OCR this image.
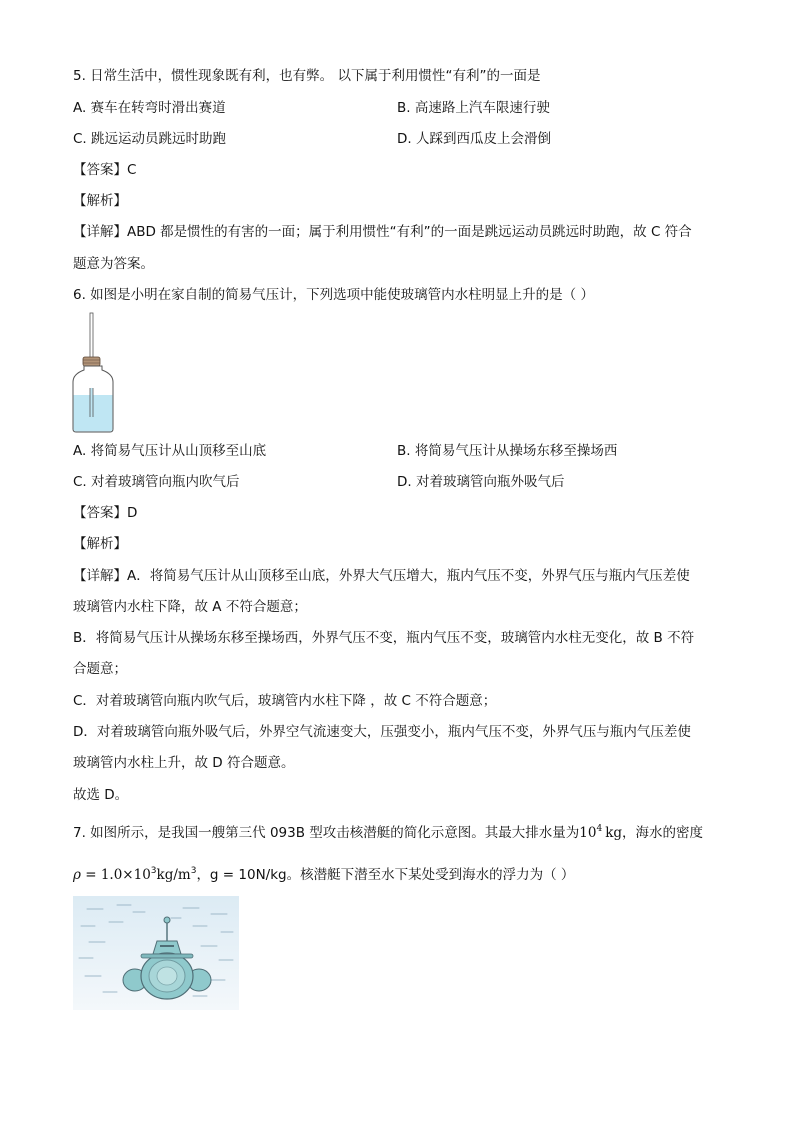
5. 日常生活中，惯性现象既有利，也有弊。 以下属于利用惯性“有利”的一面是
A. 赛车在转弯时滑出赛道	B. 高速路上汽车限速行驶
C. 跳远运动员跳远时助跑	D. 人踩到西瓜皮上会滑倒
【答案】C
【解析】
【详解】ABD 都是惯性的有害的一面；属于利用惯性“有利”的一面是跳远运动员跳远时助跑，故 C 符合
题意为答案。
6. 如图是小明在家自制的简易气压计，下列选项中能使玻璃管内水柱明显上升的是（ ）
A. 将简易气压计从山顶移至山底	B. 将简易气压计从操场东移至操场西
C. 对着玻璃管向瓶内吹气后	D. 对着玻璃管向瓶外吸气后
【答案】D
【解析】
【详解】A．将简易气压计从山顶移至山底，外界大气压增大，瓶内气压不变，外界气压与瓶内气压差使
玻璃管内水柱下降，故 A 不符合题意；
B．将简易气压计从操场东移至操场西，外界气压不变，瓶内气压不变，玻璃管内水柱无变化，故 B 不符
合题意；
C．对着玻璃管向瓶内吹气后，玻璃管内水柱下降 ，故 C 不符合题意；
D．对着玻璃管向瓶外吸气后，外界空气流速变大，压强变小，瓶内气压不变，外界气压与瓶内气压差使
玻璃管内水柱上升，故 D 符合题意。
故选 D。
7. 如图所示，是我国一艘第三代 093B 型攻击核潜艇的简化示意图。其最大排水量为$10^4$ kg，海水的密度
$\rho = 1.0\times 10^3kg/m^3$，g = 10N/kg。核潜艇下潜至水下某处受到海水的浮力为（ ）
